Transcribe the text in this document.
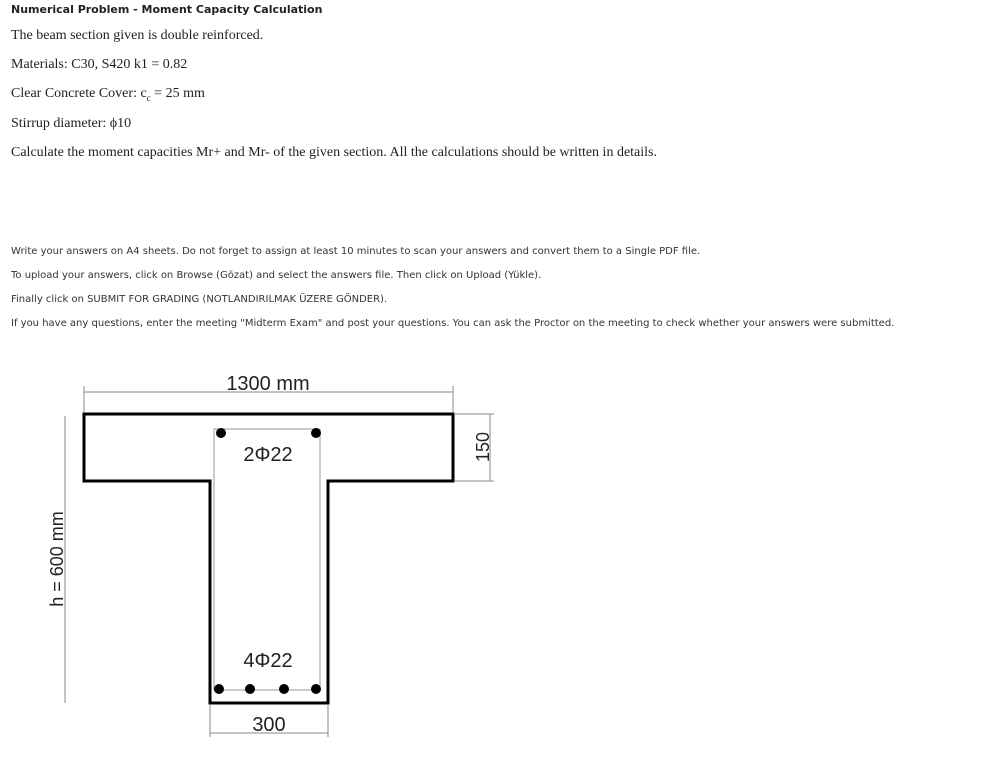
Numerical Problem - Moment Capacity Calculation
The beam section given is double reinforced.
Materials: C30, S420 k1 = 0.82
Clear Concrete Cover: $c_c = 25$ mm
Stirrup diameter: ϕ10
Calculate the moment capacities Mr+ and Mr- of the given section. All the calculations should be written in details.
Write your answers on A4 sheets. Do not forget to assign at least 10 minutes to scan your answers and convert them to a Single PDF file.
To upload your answers, click on Browse (Gözat) and select the answers file. Then click on Upload (Yükle).
Finally click on SUBMIT FOR GRADING (NOTLANDIRILMAK ÜZERE GÖNDER).
If you have any questions, enter the meeting "Midterm Exam" and post your questions. You can ask the Proctor on the meeting to check whether your answers were submitted.
1300 mm
150
h = 600 mm
300
2Φ22
4Φ22
